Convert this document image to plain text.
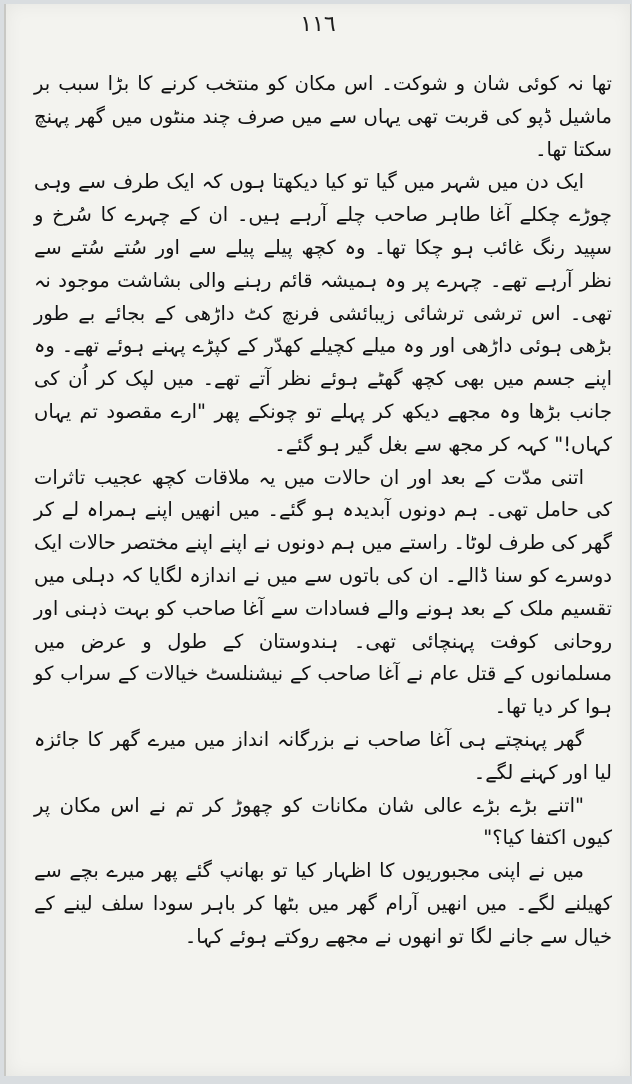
١١٦

تھا نہ کوئی شان و شوکت۔ اس مکان کو منتخب کرنے کا بڑا سبب بر ماشیل ڈپو کی قربت تھی یہاں سے میں صرف چند منٹوں میں گھر پہنچ سکتا تھا۔

ایک دن میں شہر میں گیا تو کیا دیکھتا ہوں کہ ایک طرف سے وہی چوڑے چکلے آغا طاہر صاحب چلے آرہے ہیں۔ ان کے چہرے کا سُرخ و سپید رنگ غائب ہو چکا تھا۔ وہ کچھ پیلے پیلے سے اور سُتے سُتے سے نظر آرہے تھے۔ چہرے پر وہ ہمیشہ قائم رہنے والی بشاشت موجود نہ تھی۔ اس ترشی ترشائی زیبائشی فرنچ کٹ داڑھی کے بجائے بے طور بڑھی ہوئی داڑھی اور وہ میلے کچیلے کھدّر کے کپڑے پہنے ہوئے تھے۔ وہ اپنے جسم میں بھی کچھ گھٹے ہوئے نظر آتے تھے۔ میں لپک کر اُن کی جانب بڑھا وہ مجھے دیکھ کر پہلے تو چونکے پھر "ارے مقصود تم یہاں کہاں!" کہہ کر مجھ سے بغل گیر ہو گئے۔

اتنی مدّت کے بعد اور ان حالات میں یہ ملاقات کچھ عجیب تاثرات کی حامل تھی۔ ہم دونوں آبدیدہ ہو گئے۔ میں انھیں اپنے ہمراہ لے کر گھر کی طرف لوٹا۔ راستے میں ہم دونوں نے اپنے اپنے مختصر حالات ایک دوسرے کو سنا ڈالے۔ ان کی باتوں سے میں نے اندازہ لگایا کہ دہلی میں تقسیم ملک کے بعد ہونے والے فسادات سے آغا صاحب کو بہت ذہنی اور روحانی کوفت پہنچائی تھی۔ ہندوستان کے طول و عرض میں مسلمانوں کے قتل عام نے آغا صاحب کے نیشنلسٹ خیالات کے سراب کو ہوا کر دیا تھا۔

گھر پہنچتے ہی آغا صاحب نے بزرگانہ انداز میں میرے گھر کا جائزہ لیا اور کہنے لگے۔

"اتنے بڑے بڑے عالی شان مکانات کو چھوڑ کر تم نے اس مکان پر کیوں اکتفا کیا؟"

میں نے اپنی مجبوریوں کا اظہار کیا تو بھانپ گئے پھر میرے بچے سے کھیلنے لگے۔ میں انھیں آرام گھر میں بٹھا کر باہر سودا سلف لینے کے خیال سے جانے لگا تو انھوں نے مجھے روکتے ہوئے کہا۔
